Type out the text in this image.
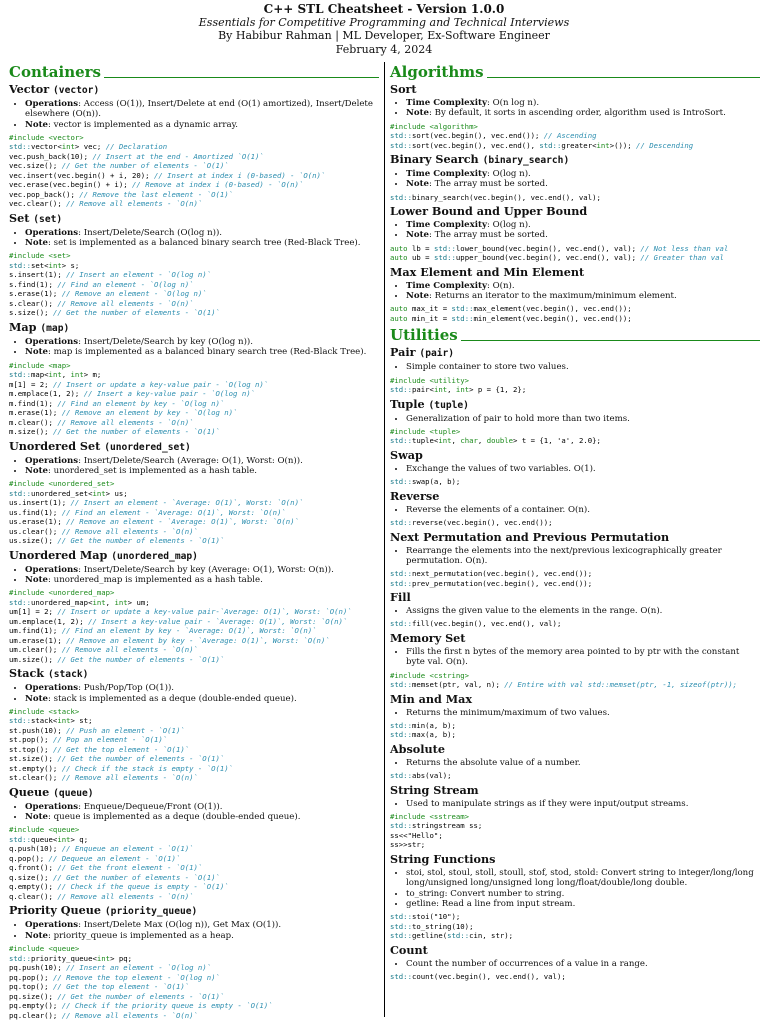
C++ STL Cheatsheet - Version 1.0.0
Essentials for Competitive Programming and Technical Interviews
By Habibur Rahman | ML Developer, Ex-Software Engineer
February 4, 2024
Containers
Vector (vector)
• Operations: Access (O(1)), Insert/Delete at end (O(1) amortized), Insert/Delete elsewhere (O(n)).
• Note: vector is implemented as a dynamic array.
#include <vector>
std::vector<int> vec; // Declaration
vec.push_back(10); // Insert at the end - Amortized `O(1)`
vec.size(); // Get the number of elements - `O(1)`
vec.insert(vec.begin() + i, 20); // Insert at index i (0-based) - `O(n)`
vec.erase(vec.begin() + i); // Remove at index i (0-based) - `O(n)`
vec.pop_back(); // Remove the last element - `O(1)`
vec.clear(); // Remove all elements - `O(n)`
Set (set)
• Operations: Insert/Delete/Search (O(log n)).
• Note: set is implemented as a balanced binary search tree (Red-Black Tree).
#include <set>
std::set<int> s;
s.insert(1); // Insert an element - `O(log n)`
s.find(1); // Find an element - `O(log n)`
s.erase(1); // Remove an element - `O(log n)`
s.clear(); // Remove all elements - `O(n)`
s.size(); // Get the number of elements - `O(1)`
Map (map)
• Operations: Insert/Delete/Search by key (O(log n)).
• Note: map is implemented as a balanced binary search tree (Red-Black Tree).
#include <map>
std::map<int, int> m;
m[1] = 2; // Insert or update a key-value pair - `O(log n)`
m.emplace(1, 2); // Insert a key-value pair - `O(log n)`
m.find(1); // Find an element by key - `O(log n)`
m.erase(1); // Remove an element by key - `O(log n)`
m.clear(); // Remove all elements - `O(n)`
m.size(); // Get the number of elements - `O(1)`
Unordered Set (unordered_set)
• Operations: Insert/Delete/Search (Average: O(1), Worst: O(n)).
• Note: unordered_set is implemented as a hash table.
#include <unordered_set>
std::unordered_set<int> us;
us.insert(1); // Insert an element - `Average: O(1)`, Worst: `O(n)`
us.find(1); // Find an element - `Average: O(1)`, Worst: `O(n)`
us.erase(1); // Remove an element - `Average: O(1)`, Worst: `O(n)`
us.clear(); // Remove all elements - `O(n)`
us.size(); // Get the number of elements - `O(1)`
Unordered Map (unordered_map)
• Operations: Insert/Delete/Search by key (Average: O(1), Worst: O(n)).
• Note: unordered_map is implemented as a hash table.
#include <unordered_map>
std::unordered_map<int, int> um;
um[1] = 2; // Insert or update a key-value pair-`Average: O(1)`, Worst: `O(n)`
um.emplace(1, 2); // Insert a key-value pair - `Average: O(1)`, Worst: `O(n)`
um.find(1); // Find an element by key - `Average: O(1)`, Worst: `O(n)`
um.erase(1); // Remove an element by key - `Average: O(1)`, Worst: `O(n)`
um.clear(); // Remove all elements - `O(n)`
um.size(); // Get the number of elements - `O(1)`
Stack (stack)
• Operations: Push/Pop/Top (O(1)).
• Note: stack is implemented as a deque (double-ended queue).
#include <stack>
std::stack<int> st;
st.push(10); // Push an element - `O(1)`
st.pop(); // Pop an element - `O(1)`
st.top(); // Get the top element - `O(1)`
st.size(); // Get the number of elements - `O(1)`
st.empty(); // Check if the stack is empty - `O(1)`
st.clear(); // Remove all elements - `O(n)`
Queue (queue)
• Operations: Enqueue/Dequeue/Front (O(1)).
• Note: queue is implemented as a deque (double-ended queue).
#include <queue>
std::queue<int> q;
q.push(10); // Enqueue an element - `O(1)`
q.pop(); // Dequeue an element - `O(1)`
q.front(); // Get the front element - `O(1)`
q.size(); // Get the number of elements - `O(1)`
q.empty(); // Check if the queue is empty - `O(1)`
q.clear(); // Remove all elements - `O(n)`
Priority Queue (priority_queue)
• Operations: Insert/Delete Max (O(log n)), Get Max (O(1)).
• Note: priority_queue is implemented as a heap.
#include <queue>
std::priority_queue<int> pq;
pq.push(10); // Insert an element - `O(log n)`
pq.pop(); // Remove the top element - `O(log n)`
pq.top(); // Get the top element - `O(1)`
pq.size(); // Get the number of elements - `O(1)`
pq.empty(); // Check if the priority queue is empty - `O(1)`
pq.clear(); // Remove all elements - `O(n)`
Algorithms
Sort
• Time Complexity: O(n log n).
• Note: By default, it sorts in ascending order, algorithm used is IntroSort.
#include <algorithm>
std::sort(vec.begin(), vec.end()); // Ascending
std::sort(vec.begin(), vec.end(), std::greater<int>()); // Descending
Binary Search (binary_search)
• Time Complexity: O(log n).
• Note: The array must be sorted.
std::binary_search(vec.begin(), vec.end(), val);
Lower Bound and Upper Bound
• Time Complexity: O(log n).
• Note: The array must be sorted.
auto lb = std::lower_bound(vec.begin(), vec.end(), val); // Not less than val
auto ub = std::upper_bound(vec.begin(), vec.end(), val); // Greater than val
Max Element and Min Element
• Time Complexity: O(n).
• Note: Returns an iterator to the maximum/minimum element.
auto max_it = std::max_element(vec.begin(), vec.end());
auto min_it = std::min_element(vec.begin(), vec.end());
Utilities
Pair (pair)
• Simple container to store two values.
#include <utility>
std::pair<int, int> p = {1, 2};
Tuple (tuple)
• Generalization of pair to hold more than two items.
#include <tuple>
std::tuple<int, char, double> t = {1, 'a', 2.0};
Swap
• Exchange the values of two variables. O(1).
std::swap(a, b);
Reverse
• Reverse the elements of a container. O(n).
std::reverse(vec.begin(), vec.end());
Next Permutation and Previous Permutation
• Rearrange the elements into the next/previous lexicographically greater permutation. O(n).
std::next_permutation(vec.begin(), vec.end());
std::prev_permutation(vec.begin(), vec.end());
Fill
• Assigns the given value to the elements in the range. O(n).
std::fill(vec.begin(), vec.end(), val);
Memory Set
• Fills the first n bytes of the memory area pointed to by ptr with the constant byte val. O(n).
#include <cstring>
std::memset(ptr, val, n); // Entire with val std::memset(ptr, -1, sizeof(ptr));
Min and Max
• Returns the minimum/maximum of two values.
std::min(a, b);
std::max(a, b);
Absolute
• Returns the absolute value of a number.
std::abs(val);
String Stream
• Used to manipulate strings as if they were input/output streams.
#include <sstream>
std::stringstream ss;
ss<<"Hello";
ss>>str;
String Functions
• stoi, stol, stoul, stoll, stoull, stof, stod, stold: Convert string to integer/long/long long/unsigned long/unsigned long long/float/double/long double.
• to_string: Convert number to string.
• getline: Read a line from input stream.
std::stoi("10");
std::to_string(10);
std::getline(std::cin, str);
Count
• Count the number of occurrences of a value in a range.
std::count(vec.begin(), vec.end(), val);
